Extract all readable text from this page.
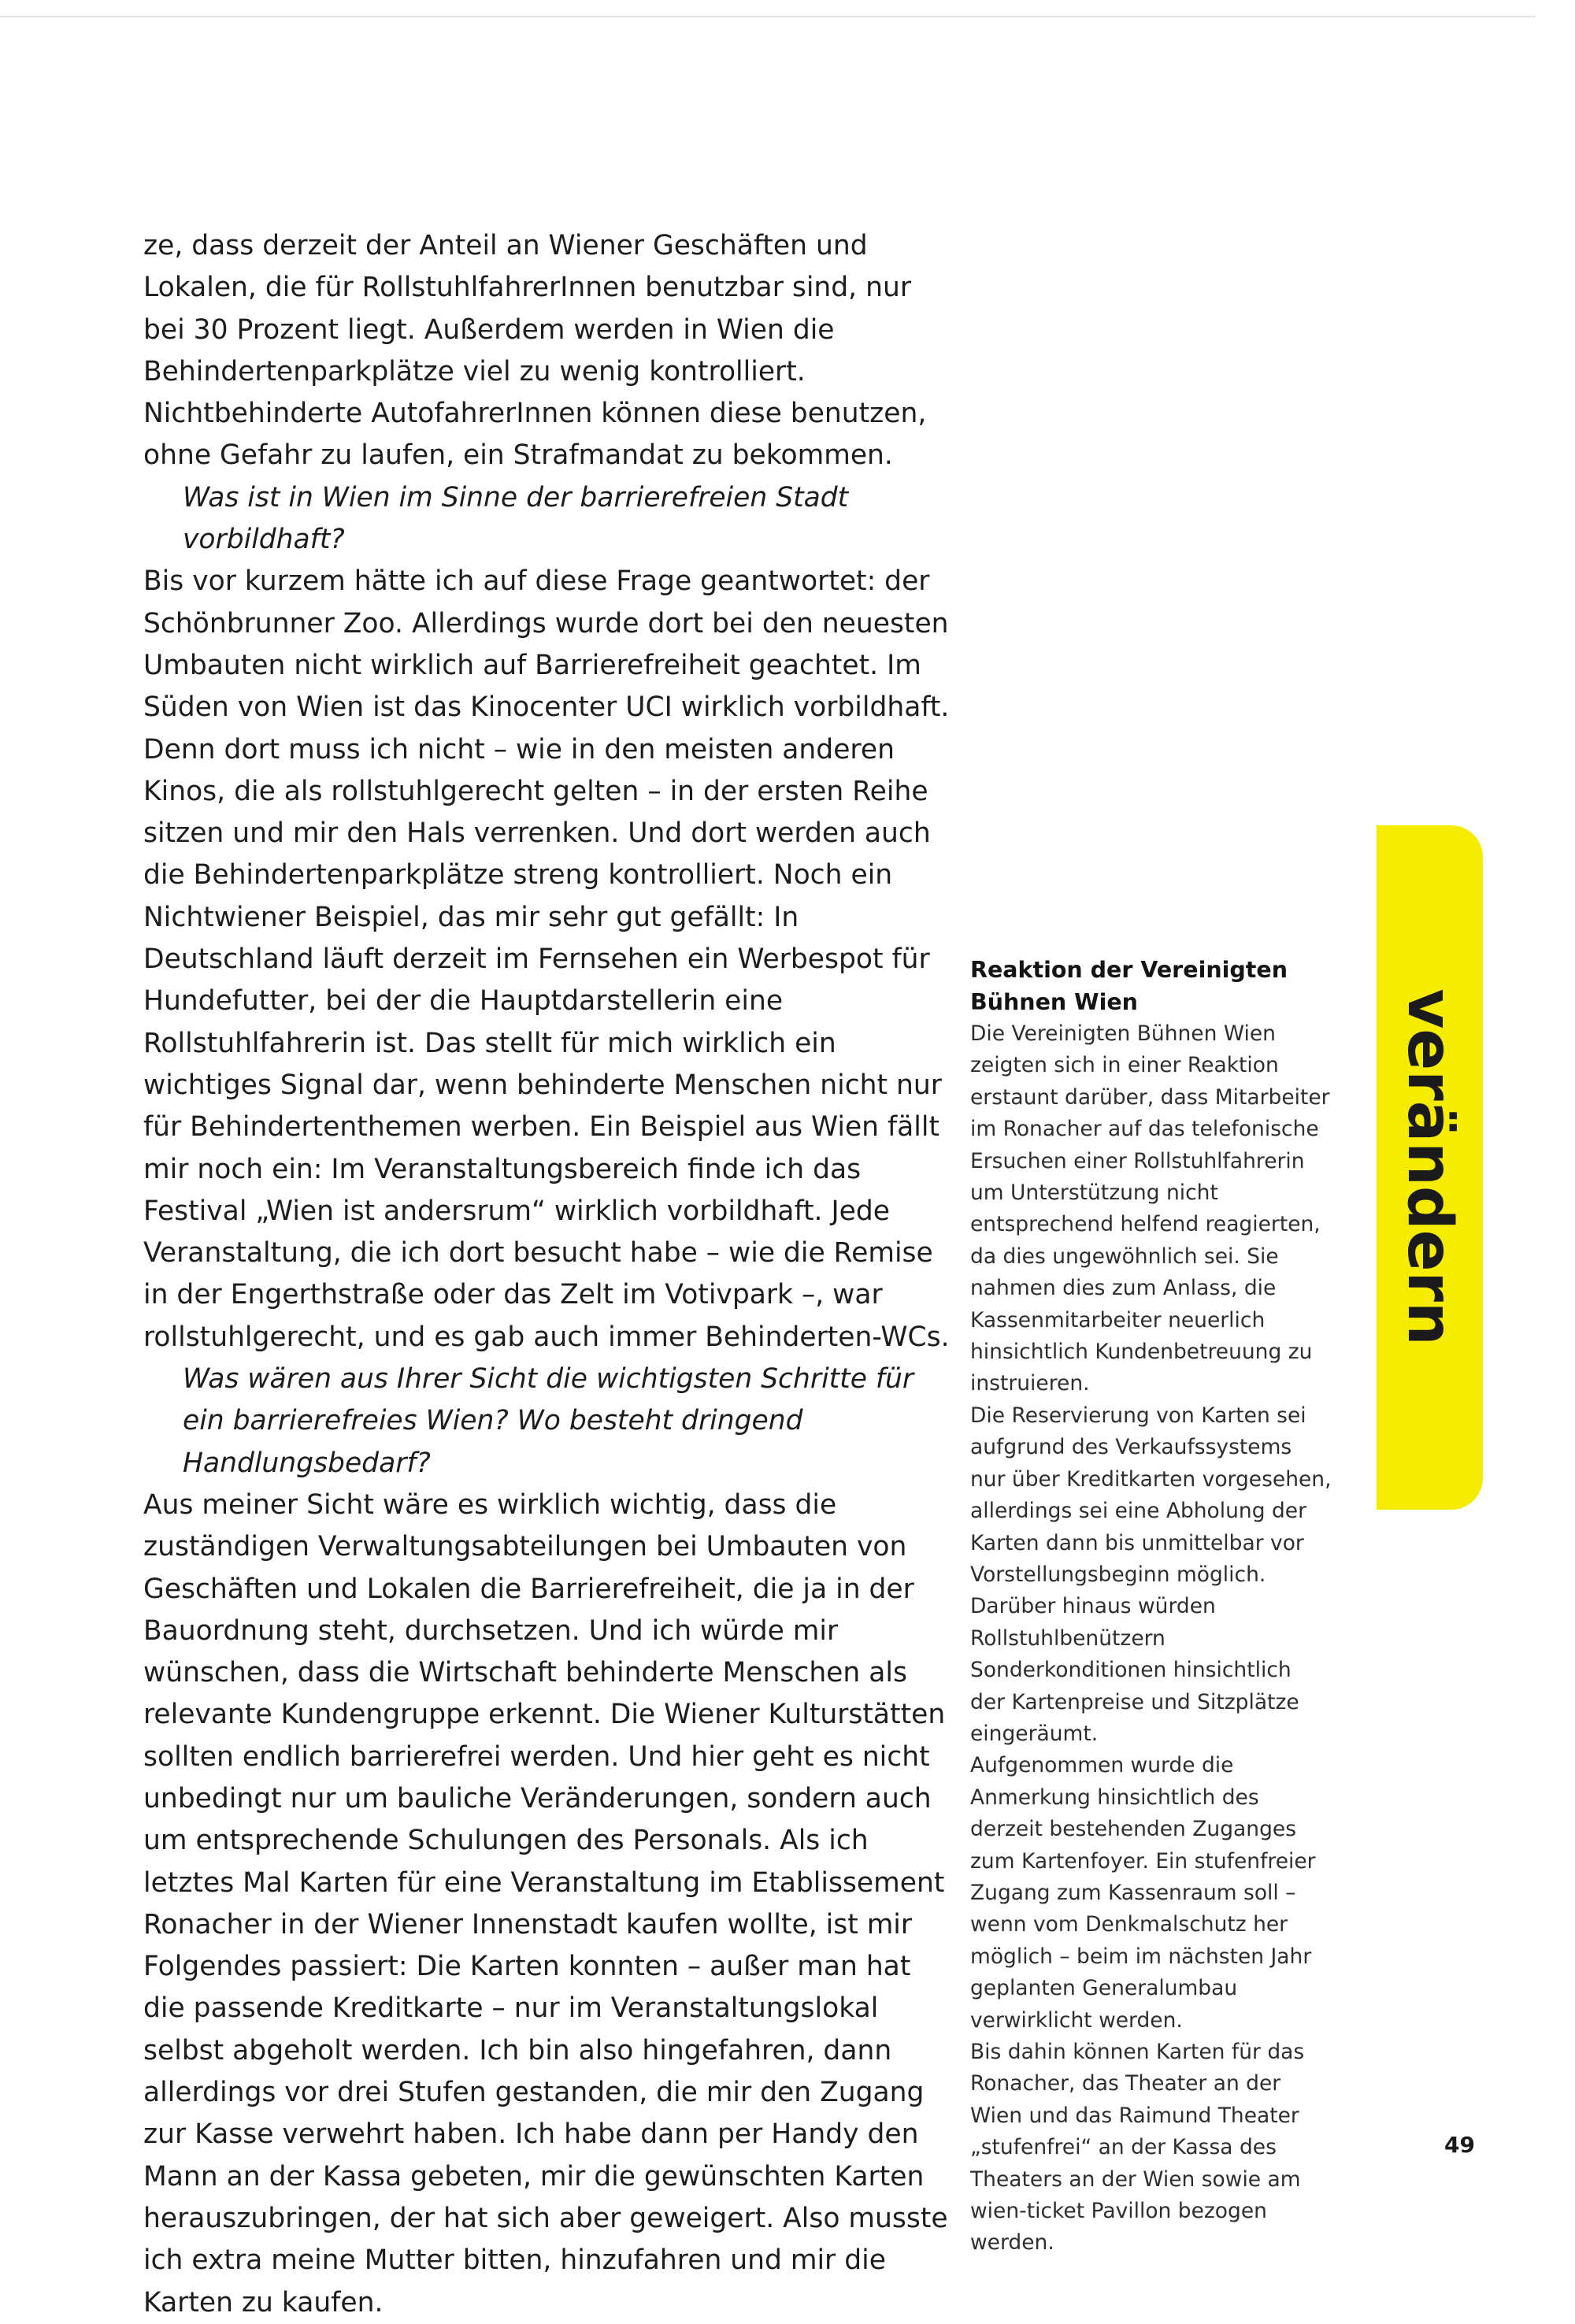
ze, dass derzeit der Anteil an Wiener Geschäften und Lokalen, die für RollstuhlfahrerInnen benutzbar sind, nur bei 30 Prozent liegt. Außerdem werden in Wien die Behindertenparkplätze viel zu wenig kontrolliert. Nichtbehinderte AutofahrerInnen können diese benutzen, ohne Gefahr zu laufen, ein Strafmandat zu bekommen.

Was ist in Wien im Sinne der barrierefreien Stadt vorbildhaft?

Bis vor kurzem hätte ich auf diese Frage geantwortet: der Schönbrunner Zoo. Allerdings wurde dort bei den neuesten Umbauten nicht wirklich auf Barrierefreiheit geachtet. Im Süden von Wien ist das Kinocenter UCI wirklich vorbildhaft. Denn dort muss ich nicht – wie in den meisten anderen Kinos, die als rollstuhlgerecht gelten – in der ersten Reihe sitzen und mir den Hals verrenken. Und dort werden auch die Behindertenparkplätze streng kontrolliert. Noch ein Nichtwiener Beispiel, das mir sehr gut gefällt: In Deutschland läuft derzeit im Fernsehen ein Werbespot für Hundefutter, bei der die Hauptdarstellerin eine Rollstuhlfahrerin ist. Das stellt für mich wirklich ein wichtiges Signal dar, wenn behinderte Menschen nicht nur für Behindertenthemen werben. Ein Beispiel aus Wien fällt mir noch ein: Im Veranstaltungsbereich finde ich das Festival „Wien ist andersrum“ wirklich vorbildhaft. Jede Veranstaltung, die ich dort besucht habe – wie die Remise in der Engerthstraße oder das Zelt im Votivpark –, war rollstuhlgerecht, und es gab auch immer Behinderten-WCs.

Was wären aus Ihrer Sicht die wichtigsten Schritte für ein barrierefreies Wien? Wo besteht dringend Handlungsbedarf?

Aus meiner Sicht wäre es wirklich wichtig, dass die zuständigen Verwaltungsabteilungen bei Umbauten von Geschäften und Lokalen die Barrierefreiheit, die ja in der Bauordnung steht, durchsetzen. Und ich würde mir wünschen, dass die Wirtschaft behinderte Menschen als relevante Kundengruppe erkennt. Die Wiener Kulturstätten sollten endlich barrierefrei werden. Und hier geht es nicht unbedingt nur um bauliche Veränderungen, sondern auch um entsprechende Schulungen des Personals. Als ich letztes Mal Karten für eine Veranstaltung im Etablissement Ronacher in der Wiener Innenstadt kaufen wollte, ist mir Folgendes passiert: Die Karten konnten – außer man hat die passende Kreditkarte – nur im Veranstaltungslokal selbst abgeholt werden. Ich bin also hingefahren, dann allerdings vor drei Stufen gestanden, die mir den Zugang zur Kasse verwehrt haben. Ich habe dann per Handy den Mann an der Kassa gebeten, mir die gewünschten Karten herauszubringen, der hat sich aber geweigert. Also musste ich extra meine Mutter bitten, hinzufahren und mir die Karten zu kaufen.

Reaktion der Vereinigten Bühnen Wien

Die Vereinigten Bühnen Wien zeigten sich in einer Reaktion erstaunt darüber, dass Mitarbeiter im Ronacher auf das telefonische Ersuchen einer Rollstuhlfahrerin um Unterstützung nicht entsprechend helfend reagierten, da dies ungewöhnlich sei. Sie nahmen dies zum Anlass, die Kassenmitarbeiter neuerlich hinsichtlich Kundenbetreuung zu instruieren.

Die Reservierung von Karten sei aufgrund des Verkaufssystems nur über Kreditkarten vorgesehen, allerdings sei eine Abholung der Karten dann bis unmittelbar vor Vorstellungsbeginn möglich. Darüber hinaus würden Rollstuhlbenützern Sonderkonditionen hinsichtlich der Kartenpreise und Sitzplätze eingeräumt.

Aufgenommen wurde die Anmerkung hinsichtlich des derzeit bestehenden Zuganges zum Kartenfoyer. Ein stufenfreier Zugang zum Kassenraum soll – wenn vom Denkmalschutz her möglich – beim im nächsten Jahr geplanten Generalumbau verwirklicht werden.

Bis dahin können Karten für das Ronacher, das Theater an der Wien und das Raimund Theater „stufenfrei“ an der Kassa des Theaters an der Wien sowie am wien-ticket Pavillon bezogen werden.

verändern
49
